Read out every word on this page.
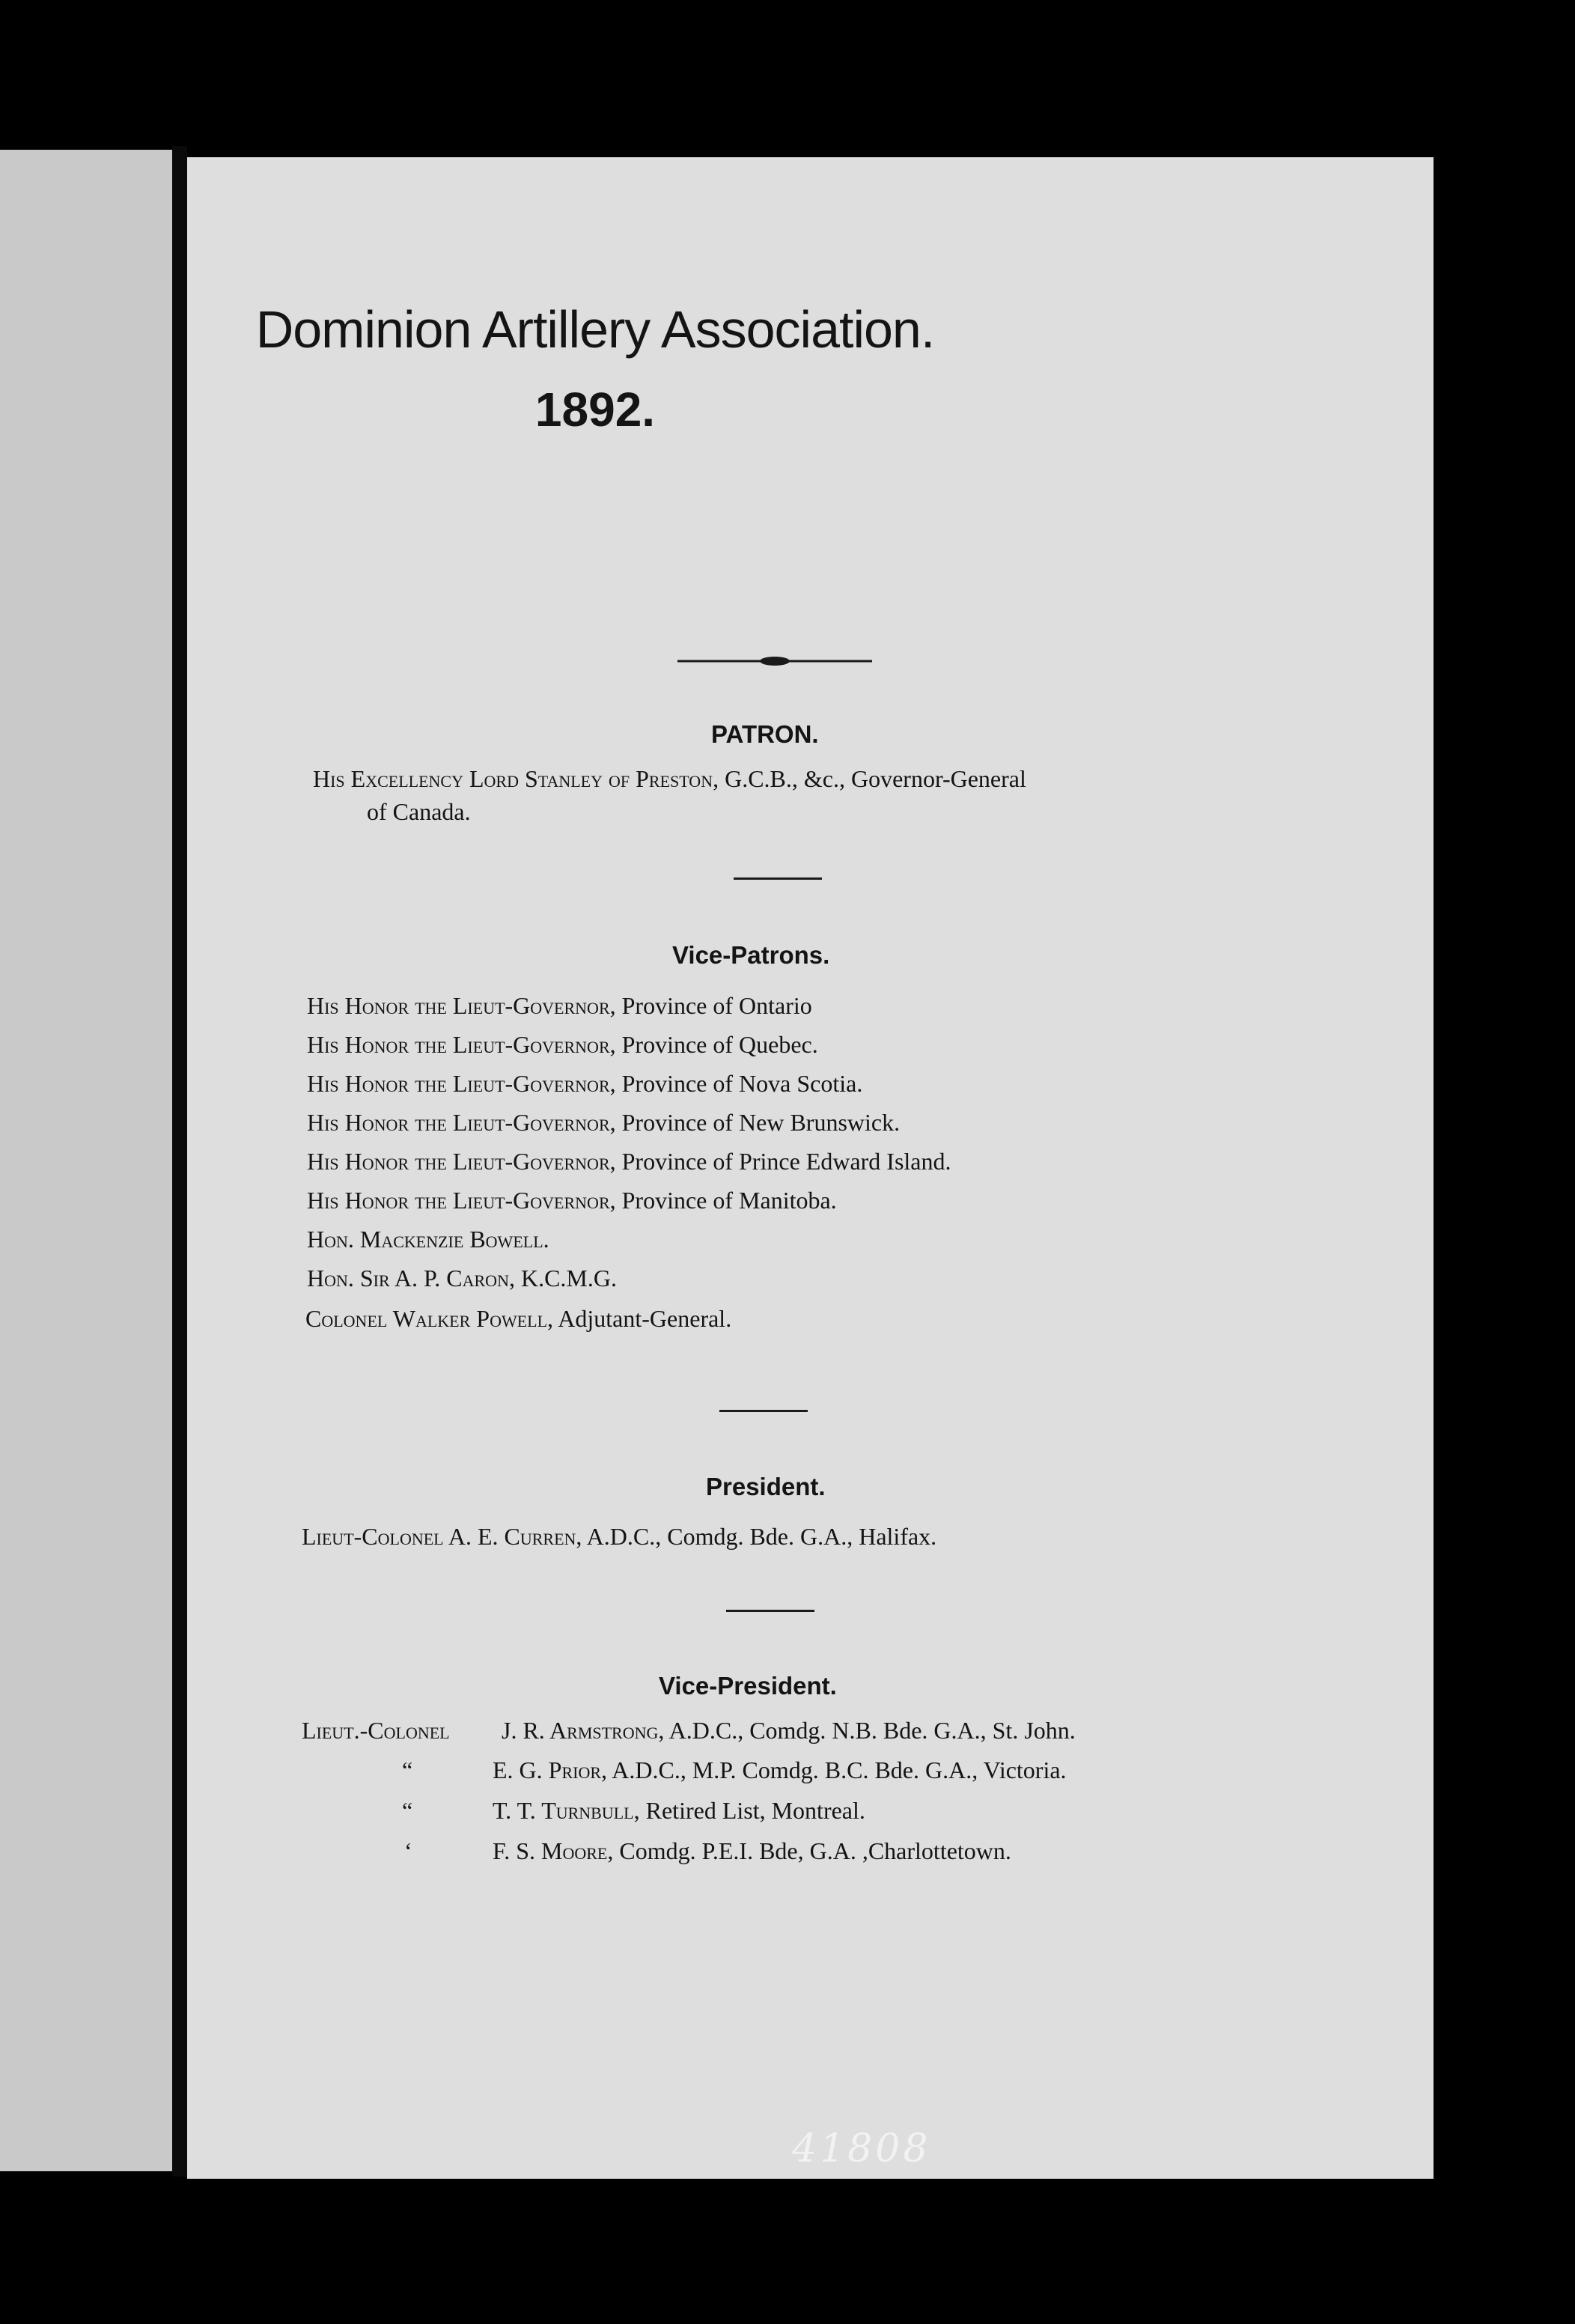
Dominion Artillery Association.
1892.
PATRON.
His Excellency Lord Stanley of Preston, G.C.B., &c., Governor-General
of Canada.
Vice-Patrons.
His Honor the Lieut-Governor, Province of Ontario
His Honor the Lieut-Governor, Province of Quebec.
His Honor the Lieut-Governor, Province of Nova Scotia.
His Honor the Lieut-Governor, Province of New Brunswick.
His Honor the Lieut-Governor, Province of Prince Edward Island.
His Honor the Lieut-Governor, Province of Manitoba.
Hon. Mackenzie Bowell.
Hon. Sir A. P. Caron, K.C.M.G.
Colonel Walker Powell, Adjutant-General.
President.
Lieut-Colonel A. E. Curren, A.D.C., Comdg. Bde. G.A., Halifax.
Vice-President.
Lieut.-Colonel J. R. Armstrong, A.D.C., Comdg. N.B. Bde. G.A., St. John.
“	E. G. Prior, A.D.C., M.P. Comdg. B.C. Bde. G.A., Victoria.
“	T. T. Turnbull, Retired List, Montreal.
‘	F. S. Moore, Comdg. P.E.I. Bde, G.A. ,Charlottetown.
41808
